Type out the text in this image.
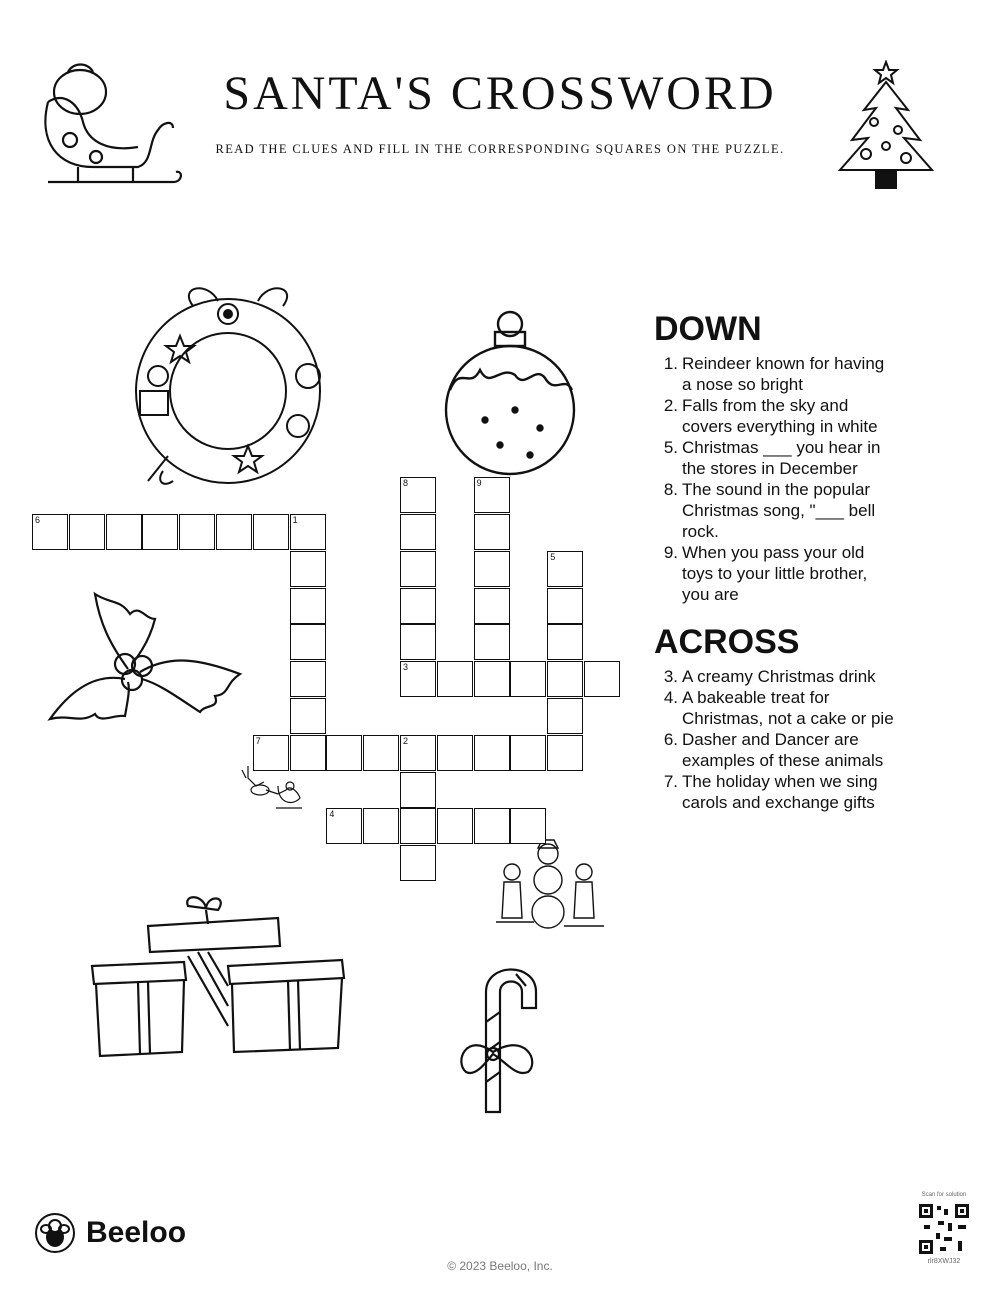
SANTA'S CROSSWORD
READ THE CLUES AND FILL IN THE CORRESPONDING SQUARES ON THE PUZZLE.
6	1
8
3
9
5
7	2
4
DOWN
1. Reindeer known for having a nose so bright
2. Falls from the sky and covers everything in white
5. Christmas ___ you hear in the stores in December
8. The sound in the popular Christmas song, "___ bell rock.
9. When you pass your old toys to your little brother, you are
ACROSS
3. A creamy Christmas drink
4. A bakeable treat for Christmas, not a cake or pie
6. Dasher and Dancer are examples of these animals
7. The holiday when we sing carols and exchange gifts
Beeloo
© 2023 Beeloo, Inc.
Scan for solution
rlr8XWJ32
